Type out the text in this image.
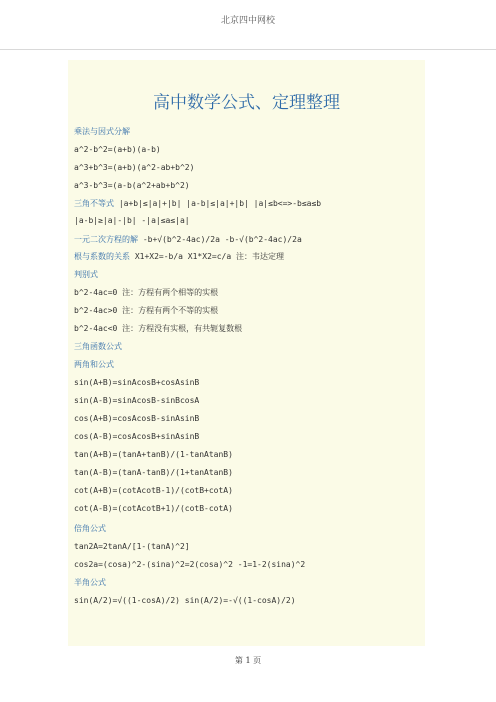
北京四中网校
高中数学公式、定理整理
乘法与因式分解
a^2-b^2=(a+b)(a-b)
a^3+b^3=(a+b)(a^2-ab+b^2)
a^3-b^3=(a-b(a^2+ab+b^2)
三角不等式 |a+b|≤|a|+|b| |a-b|≤|a|+|b| |a|≤b<=>-b≤a≤b
|a-b|≥|a|-|b| -|a|≤a≤|a|
一元二次方程的解 -b+√(b^2-4ac)/2a -b-√(b^2-4ac)/2a
根与系数的关系 X1+X2=-b/a X1*X2=c/a 注：韦达定理
判别式
b^2-4ac=0 注：方程有两个相等的实根
b^2-4ac>0 注：方程有两个不等的实根
b^2-4ac<0 注：方程没有实根，有共轭复数根
三角函数公式
两角和公式
sin(A+B)=sinAcosB+cosAsinB
sin(A-B)=sinAcosB-sinBcosA
cos(A+B)=cosAcosB-sinAsinB
cos(A-B)=cosAcosB+sinAsinB
tan(A+B)=(tanA+tanB)/(1-tanAtanB)
tan(A-B)=(tanA-tanB)/(1+tanAtanB)
cot(A+B)=(cotAcotB-1)/(cotB+cotA)
cot(A-B)=(cotAcotB+1)/(cotB-cotA)
倍角公式
tan2A=2tanA/[1-(tanA)^2]
cos2a=(cosa)^2-(sina)^2=2(cosa)^2 -1=1-2(sina)^2
半角公式
sin(A/2)=√((1-cosA)/2) sin(A/2)=-√((1-cosA)/2)
第 1 页
